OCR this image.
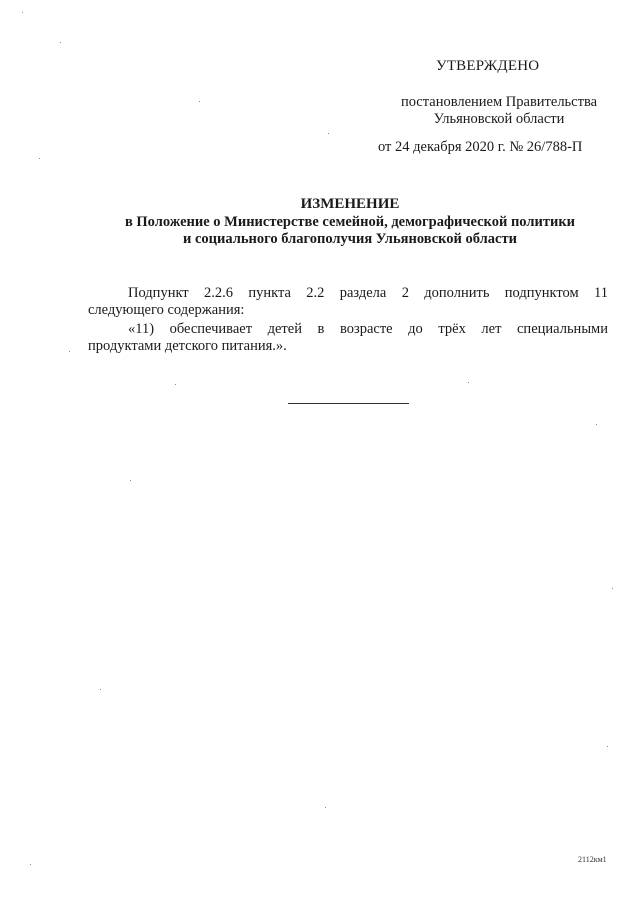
УТВЕРЖДЕНО
постановлением Правительства
Ульяновской области
от 24 декабря 2020 г. № 26/788-П
ИЗМЕНЕНИЕ
в Положение о Министерстве семейной, демографической политики
и социального благополучия Ульяновской области
Подпункт 2.2.6 пункта 2.2 раздела 2 дополнить подпунктом 11
следующего содержания:
«11) обеспечивает детей в возрасте до трёх лет специальными
продуктами детского питания.».
2112км1
